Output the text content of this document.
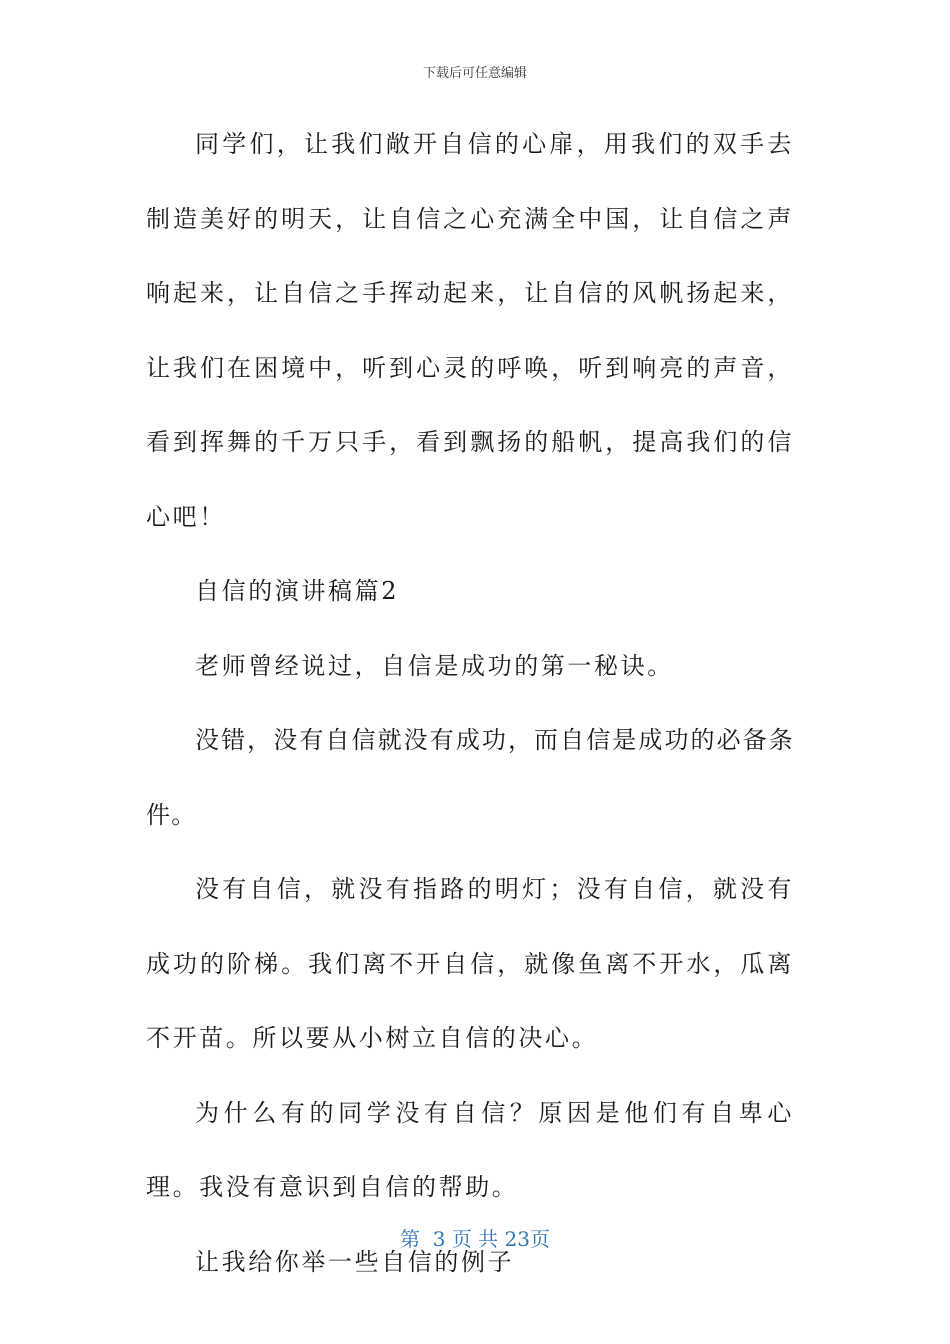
下载后可任意编辑

同学们，让我们敞开自信的心扉，用我们的双手去制造美好的明天，让自信之心充满全中国，让自信之声响起来，让自信之手挥动起来，让自信的风帆扬起来，让我们在困境中，听到心灵的呼唤，听到响亮的声音，看到挥舞的千万只手，看到飘扬的船帆，提高我们的信心吧！

自信的演讲稿篇2

老师曾经说过，自信是成功的第一秘诀。

没错，没有自信就没有成功，而自信是成功的必备条件。

没有自信，就没有指路的明灯；没有自信，就没有成功的阶梯。我们离不开自信，就像鱼离不开水，瓜离不开苗。所以要从小树立自信的决心。

为什么有的同学没有自信？原因是他们有自卑心理。我没有意识到自信的帮助。

让我给你举一些自信的例子

第 3 页 共 23页
